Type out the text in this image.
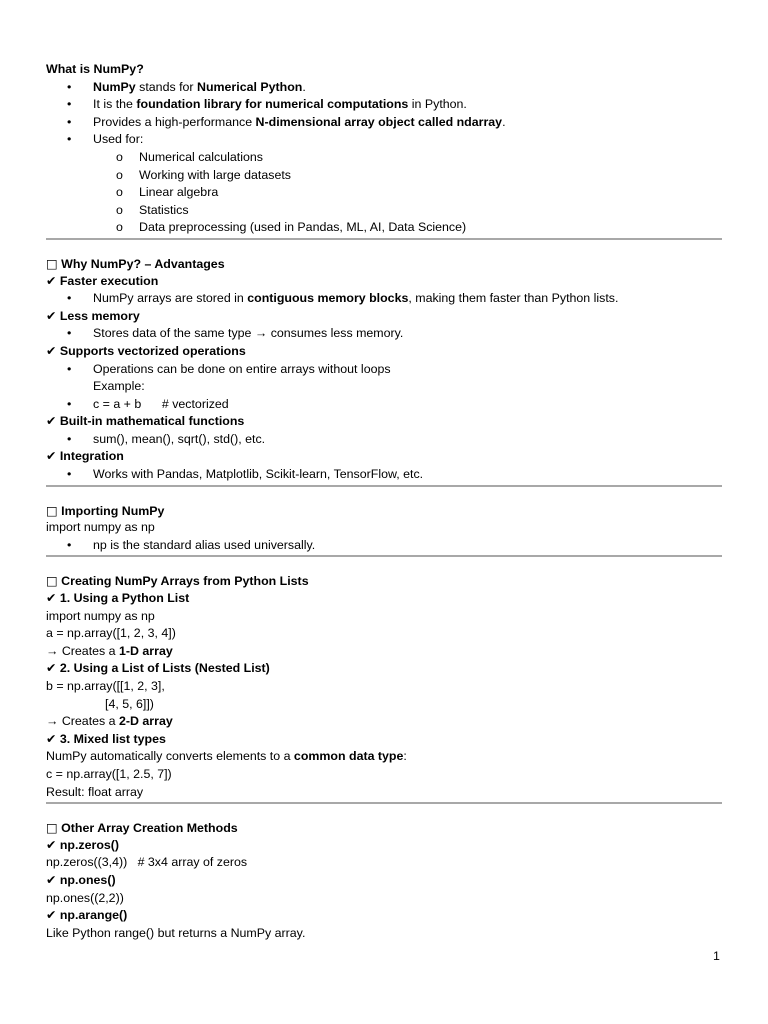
What is NumPy?
• NumPy stands for Numerical Python.
• It is the foundation library for numerical computations in Python.
• Provides a high-performance N-dimensional array object called ndarray.
• Used for:
o Numerical calculations
o Working with large datasets
o Linear algebra
o Statistics
o Data preprocessing (used in Pandas, ML, AI, Data Science)
□ Why NumPy? – Advantages
✔ Faster execution
• NumPy arrays are stored in contiguous memory blocks, making them faster than Python lists.
✔ Less memory
• Stores data of the same type → consumes less memory.
✔ Supports vectorized operations
• Operations can be done on entire arrays without loops
Example:
• c = a + b      # vectorized
✔ Built-in mathematical functions
• sum(), mean(), sqrt(), std(), etc.
✔ Integration
• Works with Pandas, Matplotlib, Scikit-learn, TensorFlow, etc.
□ Importing NumPy
import numpy as np
• np is the standard alias used universally.
□ Creating NumPy Arrays from Python Lists
✔ 1. Using a Python List
import numpy as np
a = np.array([1, 2, 3, 4])
→ Creates a 1-D array
✔ 2. Using a List of Lists (Nested List)
b = np.array([[1, 2, 3],
[4, 5, 6]])
→ Creates a 2-D array
✔ 3. Mixed list types
NumPy automatically converts elements to a common data type:
c = np.array([1, 2.5, 7])
Result: float array
□ Other Array Creation Methods
✔ np.zeros()
np.zeros((3,4))   # 3x4 array of zeros
✔ np.ones()
np.ones((2,2))
✔ np.arange()
Like Python range() but returns a NumPy array.
1
